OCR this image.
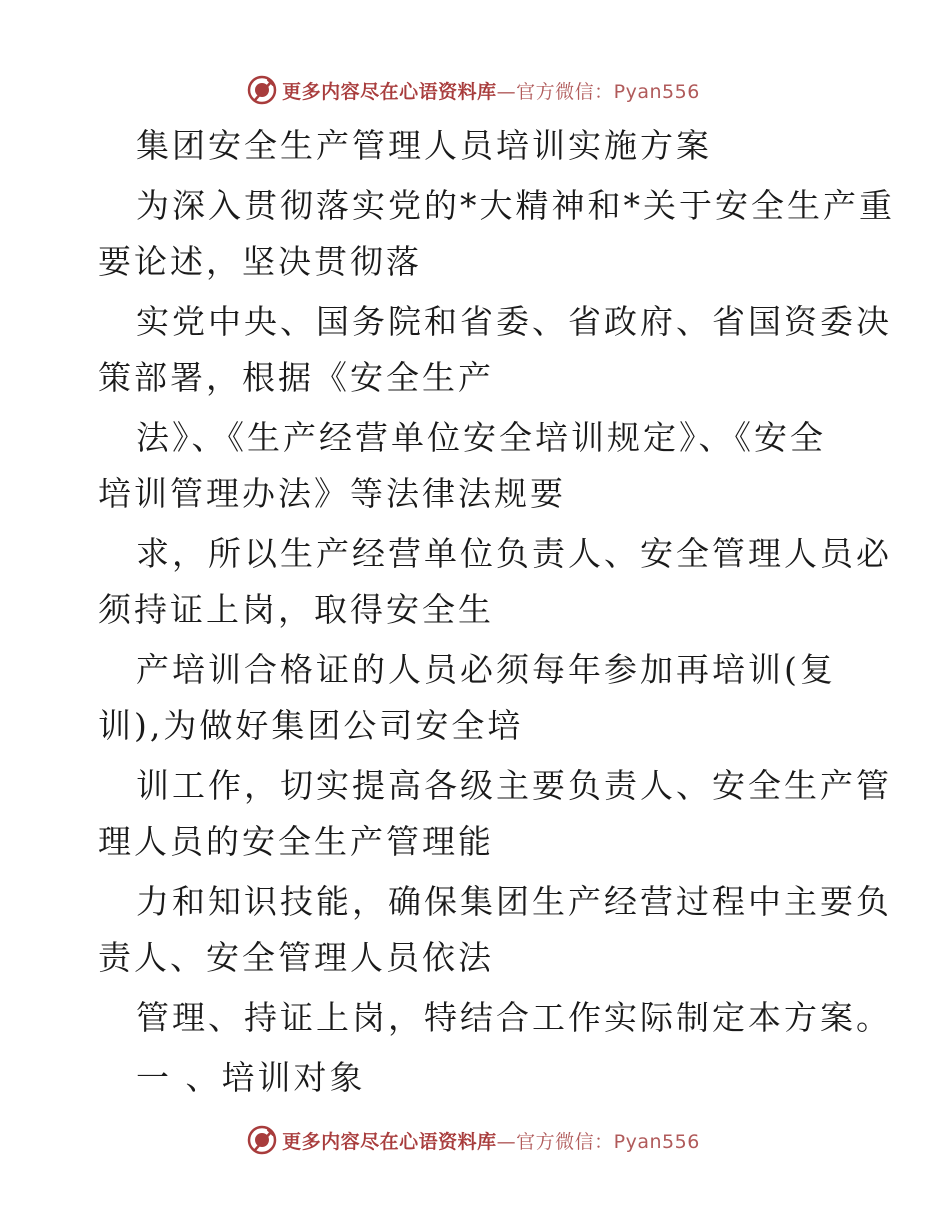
更多内容尽在心语资料库—官方微信：Pyan556
集团安全生产管理人员培训实施方案
为深入贯彻落实党的*大精神和*关于安全生产重
要论述，坚决贯彻落
实党中央、国务院和省委、省政府、省国资委决
策部署，根据《安全生产
法》、《生产经营单位安全培训规定》、《安全
培训管理办法》等法律法规要
求，所以生产经营单位负责人、安全管理人员必
须持证上岗，取得安全生
产培训合格证的人员必须每年参加再培训(复
训),为做好集团公司安全培
训工作，切实提高各级主要负责人、安全生产管
理人员的安全生产管理能
力和知识技能，确保集团生产经营过程中主要负
责人、安全管理人员依法
管理、持证上岗，特结合工作实际制定本方案。
一 、培训对象
更多内容尽在心语资料库—官方微信：Pyan556
